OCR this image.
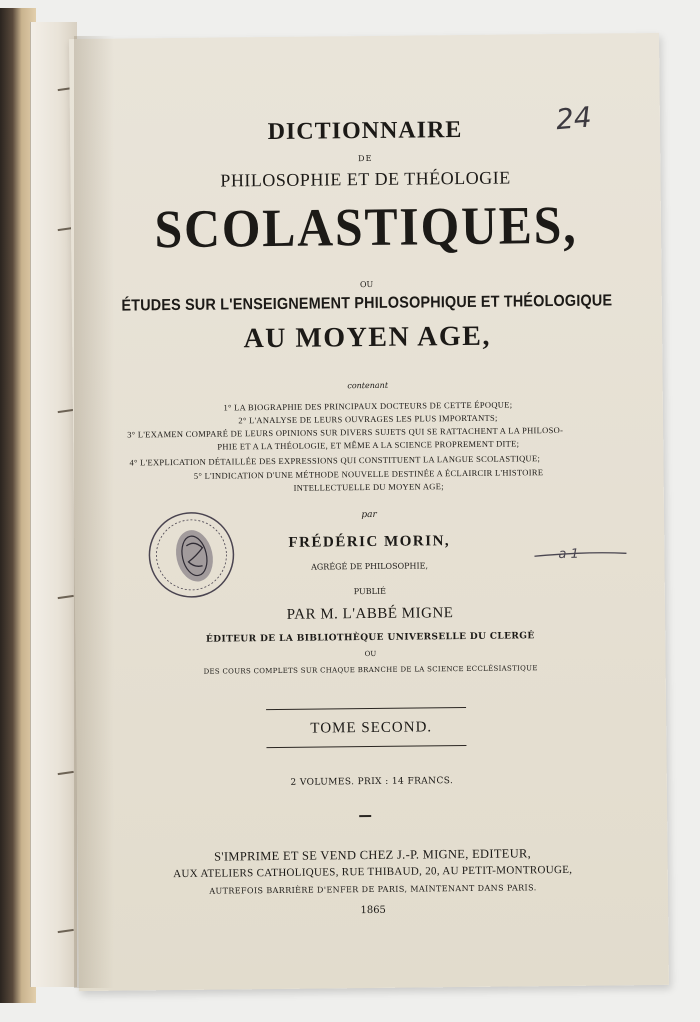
DICTIONNAIRE
DE
PHILOSOPHIE ET DE THÉOLOGIE
SCOLASTIQUES,
OU
ÉTUDES SUR L'ENSEIGNEMENT PHILOSOPHIQUE ET THÉOLOGIQUE
AU MOYEN AGE,
contenant
1° LA BIOGRAPHIE DES PRINCIPAUX DOCTEURS DE CETTE ÉPOQUE;
2° L'ANALYSE DE LEURS OUVRAGES LES PLUS IMPORTANTS;
3° L'EXAMEN COMPARÉ DE LEURS OPINIONS SUR DIVERS SUJETS QUI SE RATTACHENT A LA PHILOSO-
PHIE ET A LA THÉOLOGIE, ET MÊME A LA SCIENCE PROPREMENT DITE;
4° L'EXPLICATION DÉTAILLÉE DES EXPRESSIONS QUI CONSTITUENT LA LANGUE SCOLASTIQUE;
5° L'INDICATION D'UNE MÉTHODE NOUVELLE DESTINÉE A ÉCLAIRCIR L'HISTOIRE
INTELLECTUELLE DU MOYEN AGE;
par
FRÉDÉRIC MORIN,
AGRÉGÉ DE PHILOSOPHIE,
PUBLIÉ
PAR M. L'ABBÉ MIGNE
ÉDITEUR DE LA BIBLIOTHÈQUE UNIVERSELLE DU CLERGÉ
OU
DES COURS COMPLETS SUR CHAQUE BRANCHE DE LA SCIENCE ECCLÉSIASTIQUE
TOME SECOND.
2 VOLUMES. PRIX : 14 FRANCS.
S'IMPRIME ET SE VEND CHEZ J.-P. MIGNE, EDITEUR,
AUX ATELIERS CATHOLIQUES, RUE THIBAUD, 20, AU PETIT-MONTROUGE,
AUTREFOIS BARRIÈRE D'ENFER DE PARIS, MAINTENANT DANS PARIS.
1865
24
a 1
